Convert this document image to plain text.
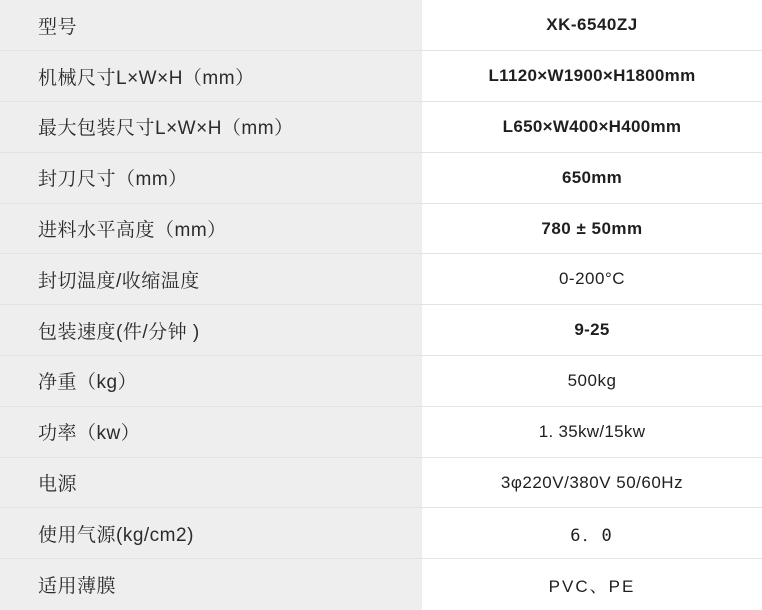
型号	XK-6540ZJ
机械尺寸L×W×H（mm）	L1120×W1900×H1800mm
最大包装尺寸L×W×H（mm）	L650×W400×H400mm
封刀尺寸（mm）	650mm
进料水平高度（mm）	780 ± 50mm
封切温度/收缩温度	0-200°C
包装速度(件/分钟 )	9-25
净重（kg）	500kg
功率（kw）	1. 35kw/15kw
电源	3φ220V/380V 50/60Hz
使用气源(kg/cm2)	6．0
适用薄膜	PVC、PE
